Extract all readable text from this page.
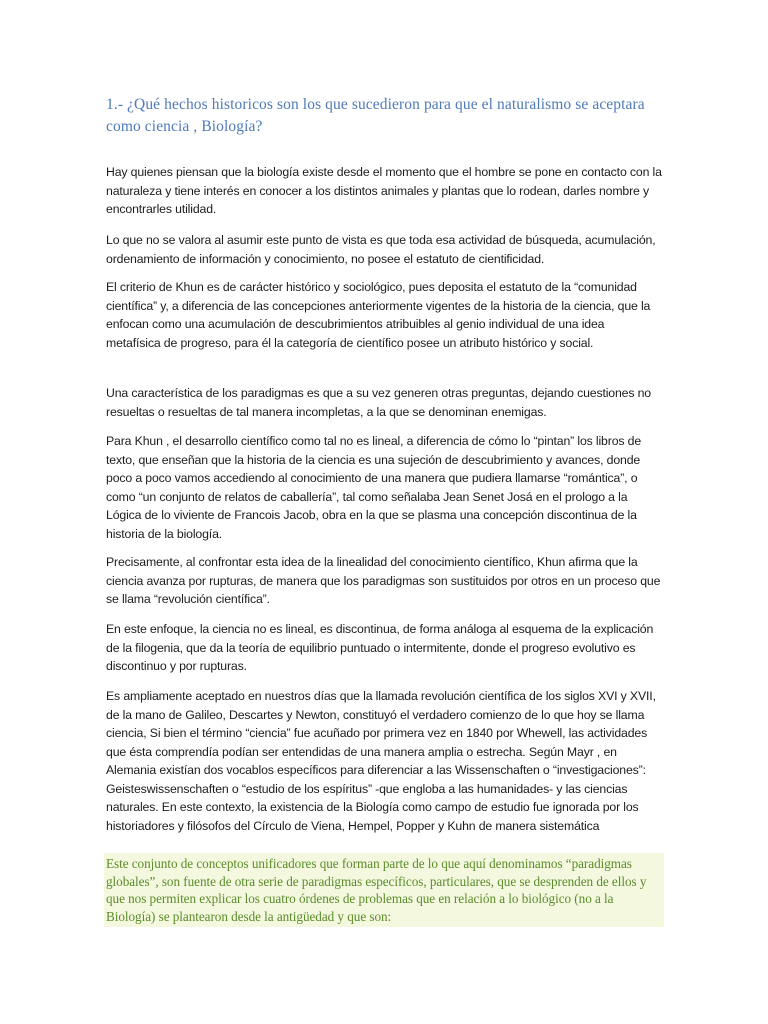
1.- ¿Qué hechos historicos son los que sucedieron para que el naturalismo se aceptara como ciencia , Biología?

Hay quienes piensan que la biología existe desde el momento que el hombre se pone en contacto con la naturaleza y tiene interés en conocer a los distintos animales y plantas que lo rodean, darles nombre y encontrarles utilidad.

Lo que no se valora al asumir este punto de vista es que toda esa actividad de búsqueda, acumulación, ordenamiento de información y conocimiento, no posee el estatuto de cientificidad.

El criterio de Khun es de carácter histórico y sociológico, pues deposita el estatuto de la “comunidad científica” y, a diferencia de las concepciones anteriormente vigentes de la historia de la ciencia, que la enfocan como una acumulación de descubrimientos atribuibles al genio individual de una idea metafísica de progreso, para él la categoría de científico posee un atributo histórico y social.

Una característica de los paradigmas es que a su vez generen otras preguntas, dejando cuestiones no resueltas o resueltas de tal manera incompletas, a la que se denominan enemigas.

Para Khun , el desarrollo científico como tal no es lineal, a diferencia de cómo lo “pintan” los libros de texto, que enseñan que la historia de la ciencia es una sujeción de descubrimiento y avances, donde poco a poco vamos accediendo al conocimiento de una manera que pudiera llamarse “romántica”, o como “un conjunto de relatos de caballería”, tal como señalaba Jean Senet Josá en el prologo a la Lógica de lo viviente de Francois Jacob, obra en la que se plasma una concepción discontinua de la historia de la biología.

Precisamente, al confrontar esta idea de la linealidad del conocimiento científico, Khun afirma que la ciencia avanza por rupturas, de manera que los paradigmas son sustituidos por otros en un proceso que se llama “revolución científica”.

En este enfoque, la ciencia no es lineal, es discontinua, de forma análoga al esquema de la explicación de la filogenia, que da la teoría de equilibrio puntuado o intermitente, donde el progreso evolutivo es discontinuo y por rupturas.

Es ampliamente aceptado en nuestros días que la llamada revolución científica de los siglos XVI y XVII, de la mano de Galileo, Descartes y Newton, constituyó el verdadero comienzo de lo que hoy se llama ciencia, Si bien el término “ciencia” fue acuñado por primera vez en 1840 por Whewell, las actividades que ésta comprendía podían ser entendidas de una manera amplia o estrecha. Según Mayr , en Alemania existían dos vocablos específicos para diferenciar a las Wissenschaften o “investigaciones”: Geisteswissenschaften o “estudio de los espíritus” -que engloba a las humanidades- y las ciencias naturales. En este contexto, la existencia de la Biología como campo de estudio fue ignorada por los historiadores y filósofos del Círculo de Viena, Hempel, Popper y Kuhn de manera sistemática

Este conjunto de conceptos unificadores que forman parte de lo que aquí denominamos “paradigmas globales”, son fuente de otra serie de paradigmas específicos, particulares, que se desprenden de ellos y que nos permiten explicar los cuatro órdenes de problemas que en relación a lo biológico (no a la Biología) se plantearon desde la antigüedad y que son:
